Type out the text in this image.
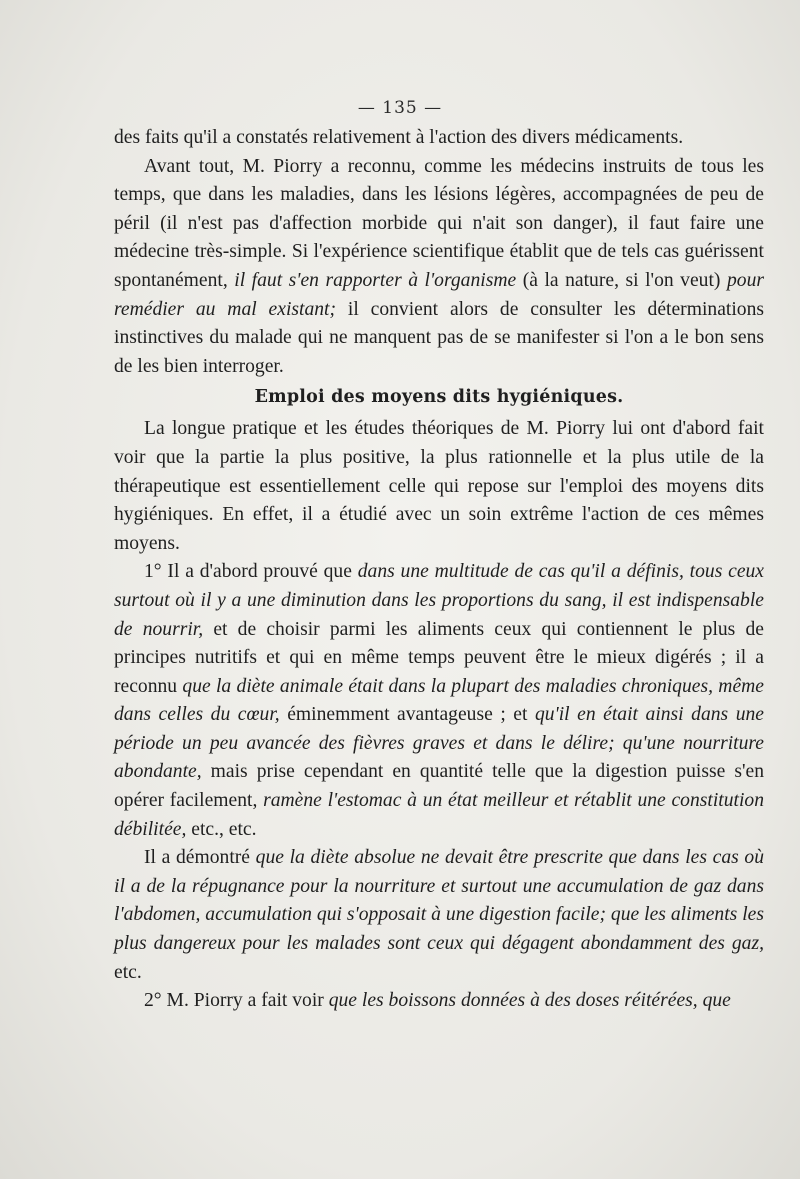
— 135 —

des faits qu'il a constatés relativement à l'action des divers médicaments.

Avant tout, M. Piorry a reconnu, comme les médecins instruits de tous les temps, que dans les maladies, dans les lésions légères, accompagnées de peu de péril (il n'est pas d'affection morbide qui n'ait son danger), il faut faire une médecine très-simple. Si l'expérience scientifique établit que de tels cas guérissent spontanément, il faut s'en rapporter à l'organisme (à la nature, si l'on veut) pour remédier au mal existant; il convient alors de consulter les déterminations instinctives du malade qui ne manquent pas de se manifester si l'on a le bon sens de les bien interroger.

Emploi des moyens dits hygiéniques.

La longue pratique et les études théoriques de M. Piorry lui ont d'abord fait voir que la partie la plus positive, la plus rationnelle et la plus utile de la thérapeutique est essentiellement celle qui repose sur l'emploi des moyens dits hygiéniques. En effet, il a étudié avec un soin extrême l'action de ces mêmes moyens.

1° Il a d'abord prouvé que dans une multitude de cas qu'il a définis, tous ceux surtout où il y a une diminution dans les proportions du sang, il est indispensable de nourrir, et de choisir parmi les aliments ceux qui contiennent le plus de principes nutritifs et qui en même temps peuvent être le mieux digérés ; il a reconnu que la diète animale était dans la plupart des maladies chroniques, même dans celles du cœur, éminemment avantageuse ; et qu'il en était ainsi dans une période un peu avancée des fièvres graves et dans le délire; qu'une nourriture abondante, mais prise cependant en quantité telle que la digestion puisse s'en opérer facilement, ramène l'estomac à un état meilleur et rétablit une constitution débilitée, etc., etc.

Il a démontré que la diète absolue ne devait être prescrite que dans les cas où il a de la répugnance pour la nourriture et surtout une accumulation de gaz dans l'abdomen, accumulation qui s'opposait à une digestion facile; que les aliments les plus dangereux pour les malades sont ceux qui dégagent abondamment des gaz, etc.

2° M. Piorry a fait voir que les boissons données à des doses réitérées, que
